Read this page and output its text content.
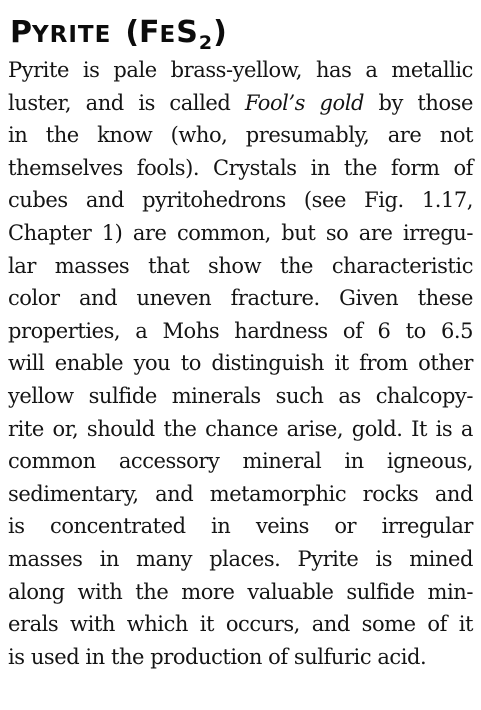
PYRITE (FES2)
Pyrite is pale brass-yellow, has a metallic
luster, and is called Fool’s gold by those
in the know (who, presumably, are not
themselves fools). Crystals in the form of
cubes and pyritohedrons (see Fig. 1.17,
Chapter 1) are common, but so are irregu-
lar masses that show the characteristic
color and uneven fracture. Given these
properties, a Mohs hardness of 6 to 6.5
will enable you to distinguish it from other
yellow sulfide minerals such as chalcopy-
rite or, should the chance arise, gold. It is a
common accessory mineral in igneous,
sedimentary, and metamorphic rocks and
is concentrated in veins or irregular
masses in many places. Pyrite is mined
along with the more valuable sulfide min-
erals with which it occurs, and some of it
is used in the production of sulfuric acid.
